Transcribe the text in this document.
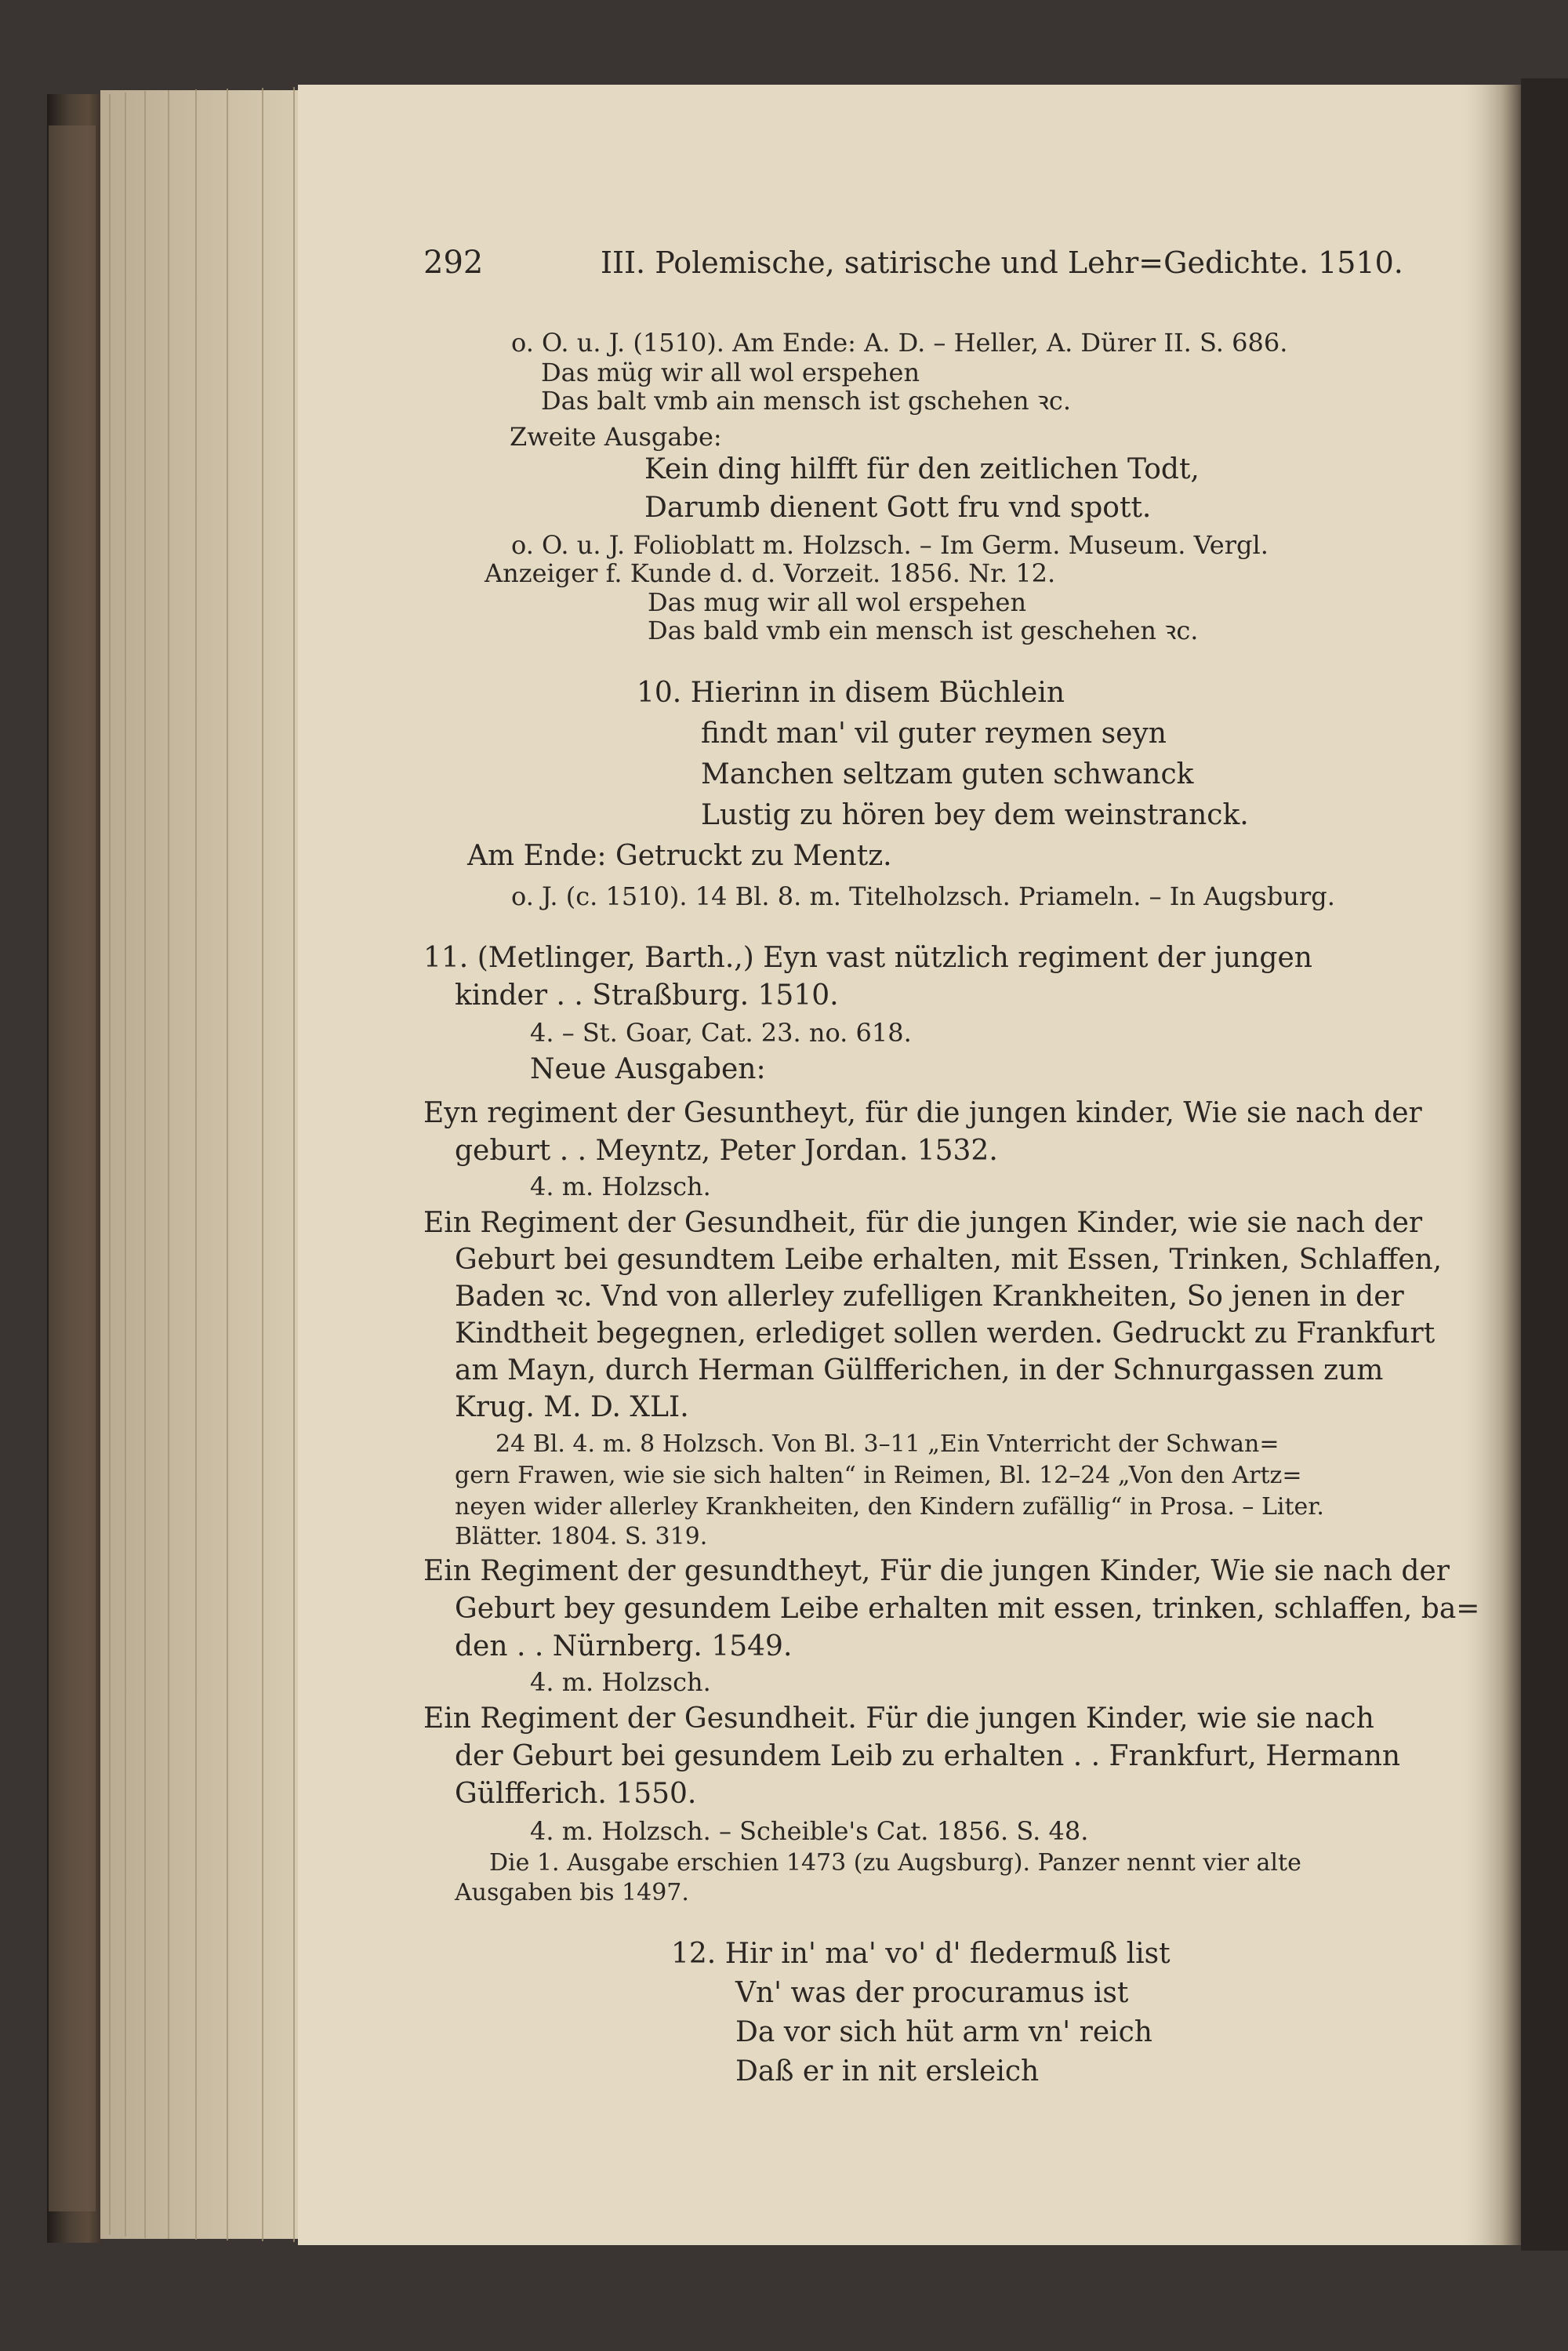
292	III. Polemische, satirische und Lehr=Gedichte. 1510.
o. O. u. J. (1510). Am Ende: A. D. – Heller, A. Dürer II. S. 686.
Das müg wir all wol erspehen
Das balt vmb ain mensch ist gschehen ꝛc.
Zweite Ausgabe:
Kein ding hilfft für den zeitlichen Todt,
Darumb dienent Gott fru vnd spott.
o. O. u. J. Folioblatt m. Holzsch. – Im Germ. Museum. Vergl.
Anzeiger f. Kunde d. d. Vorzeit. 1856. Nr. 12.
Das mug wir all wol erspehen
Das bald vmb ein mensch ist geschehen ꝛc.
10. Hierinn in disem Büchlein
findt man' vil guter reymen seyn
Manchen seltzam guten schwanck
Lustig zu hören bey dem weinstranck.
Am Ende: Getruckt zu Mentz.
o. J. (c. 1510). 14 Bl. 8. m. Titelholzsch. Priameln. – In Augsburg.
11. (Metlinger, Barth.,) Eyn vast nützlich regiment der jungen
kinder . . Straßburg. 1510.
4. – St. Goar, Cat. 23. no. 618.
Neue Ausgaben:
Eyn regiment der Gesuntheyt, für die jungen kinder, Wie sie nach der
geburt . . Meyntz, Peter Jordan. 1532.
4. m. Holzsch.
Ein Regiment der Gesundheit, für die jungen Kinder, wie sie nach der
Geburt bei gesundtem Leibe erhalten, mit Essen, Trinken, Schlaffen,
Baden ꝛc. Vnd von allerley zufelligen Krankheiten, So jenen in der
Kindtheit begegnen, erlediget sollen werden. Gedruckt zu Frankfurt
am Mayn, durch Herman Gülfferichen, in der Schnurgassen zum
Krug. M. D. XLI.
24 Bl. 4. m. 8 Holzsch. Von Bl. 3–11 „Ein Vnterricht der Schwan=
gern Frawen, wie sie sich halten“ in Reimen, Bl. 12–24 „Von den Artz=
neyen wider allerley Krankheiten, den Kindern zufällig“ in Prosa. – Liter.
Blätter. 1804. S. 319.
Ein Regiment der gesundtheyt, Für die jungen Kinder, Wie sie nach der
Geburt bey gesundem Leibe erhalten mit essen, trinken, schlaffen, ba=
den . . Nürnberg. 1549.
4. m. Holzsch.
Ein Regiment der Gesundheit. Für die jungen Kinder, wie sie nach
der Geburt bei gesundem Leib zu erhalten . . Frankfurt, Hermann
Gülfferich. 1550.
4. m. Holzsch. – Scheible's Cat. 1856. S. 48.
Die 1. Ausgabe erschien 1473 (zu Augsburg). Panzer nennt vier alte
Ausgaben bis 1497.
12. Hir in' ma' vo' d' fledermuß list
Vn' was der procuramus ist
Da vor sich hüt arm vn' reich
Daß er in nit ersleich
